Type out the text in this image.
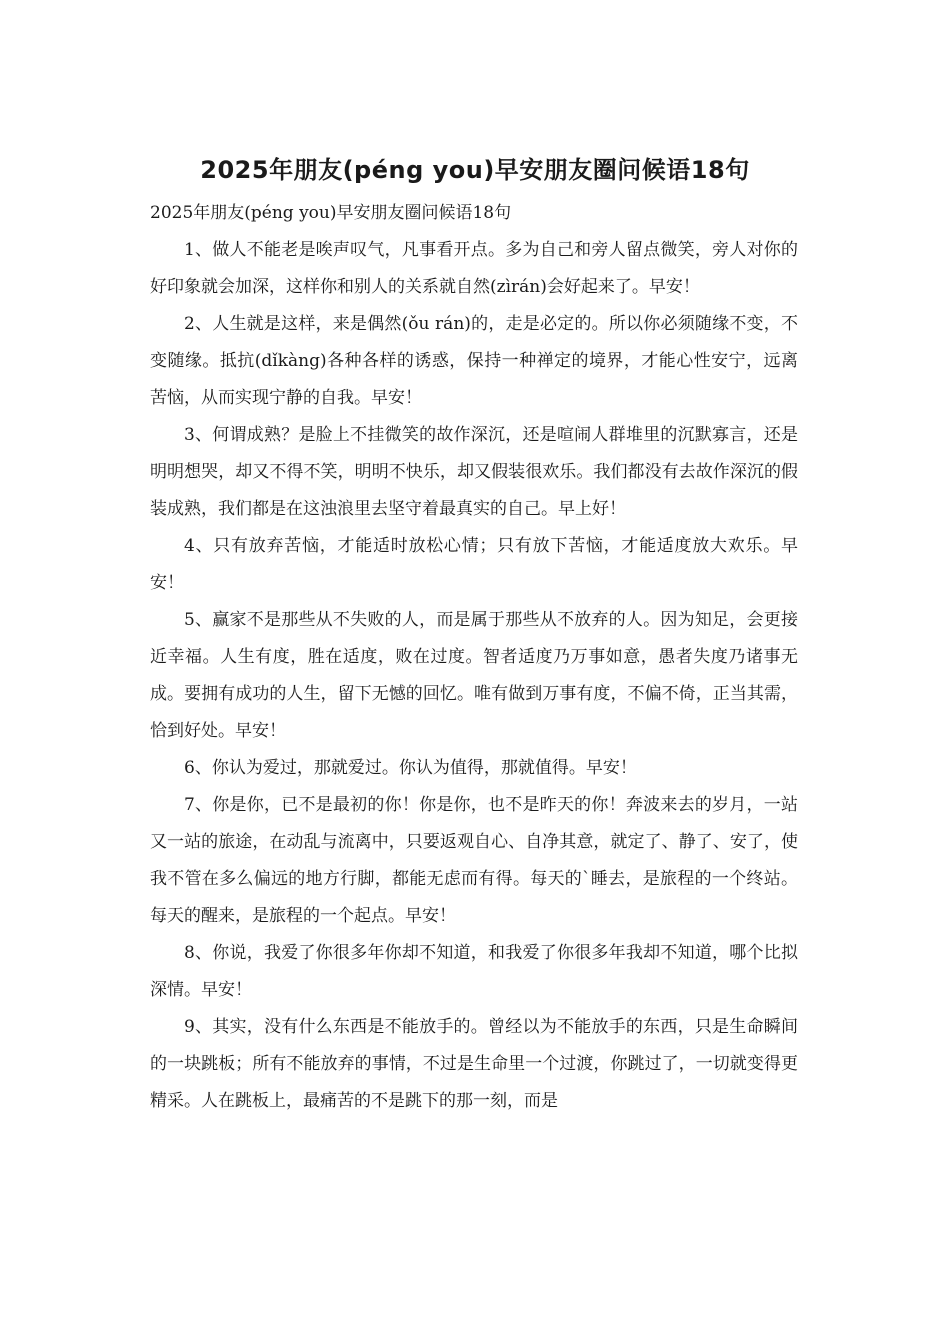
2025年朋友(péng you)早安朋友圈问候语18句

2025年朋友(péng you)早安朋友圈问候语18句

1、做人不能老是唉声叹气，凡事看开点。多为自己和旁人留点微笑，旁人对你的好印象就会加深，这样你和别人的关系就自然(zìrán)会好起来了。早安！

2、人生就是这样，来是偶然(ǒu rán)的，走是必定的。所以你必须随缘不变，不变随缘。抵抗(dǐkàng)各种各样的诱惑，保持一种禅定的境界，才能心性安宁，远离苦恼，从而实现宁静的自我。早安！

3、何谓成熟？是脸上不挂微笑的故作深沉，还是喧闹人群堆里的沉默寡言，还是明明想哭，却又不得不笑，明明不快乐，却又假装很欢乐。我们都没有去故作深沉的假装成熟，我们都是在这浊浪里去坚守着最真实的自己。早上好！

4、只有放弃苦恼，才能适时放松心情；只有放下苦恼，才能适度放大欢乐。早安！

5、赢家不是那些从不失败的人，而是属于那些从不放弃的人。因为知足，会更接近幸福。人生有度，胜在适度，败在过度。智者适度乃万事如意，愚者失度乃诸事无成。要拥有成功的人生，留下无憾的回忆。唯有做到万事有度，不偏不倚，正当其需，恰到好处。早安！

6、你认为爱过，那就爱过。你认为值得，那就值得。早安！

7、你是你，已不是最初的你！你是你，也不是昨天的你！奔波来去的岁月，一站又一站的旅途，在动乱与流离中，只要返观自心、自净其意，就定了、静了、安了，使我不管在多么偏远的地方行脚，都能无虑而有得。每天的`睡去，是旅程的一个终站。每天的醒来，是旅程的一个起点。早安！

8、你说，我爱了你很多年你却不知道，和我爱了你很多年我却不知道，哪个比拟深情。早安！

9、其实，没有什么东西是不能放手的。曾经以为不能放手的东西，只是生命瞬间的一块跳板；所有不能放弃的事情，不过是生命里一个过渡，你跳过了，一切就变得更精采。人在跳板上，最痛苦的不是跳下的那一刻，而是
